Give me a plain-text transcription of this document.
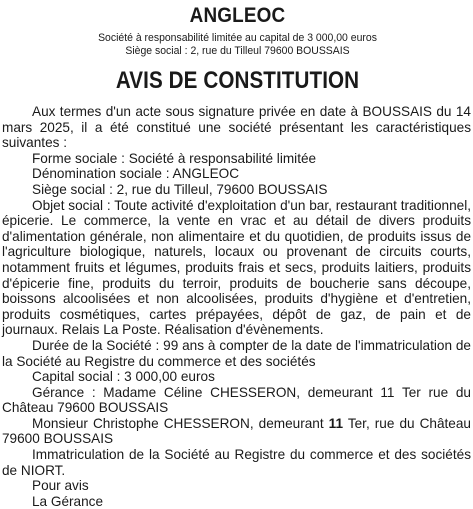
ANGLEOC
Société à responsabilité limitée au capital de 3 000,00 euros
Siège social : 2, rue du Tilleul 79600 BOUSSAIS
AVIS DE CONSTITUTION

Aux termes d'un acte sous signature privée en date à BOUSSAIS du 14 mars 2025, il a été constitué une société présentant les caractéristiques suivantes :

Forme sociale : Société à responsabilité limitée

Dénomination sociale : ANGLEOC

Siège social : 2, rue du Tilleul, 79600 BOUSSAIS

Objet social : Toute activité d'exploitation d'un bar, restaurant traditionnel, épicerie. Le commerce, la vente en vrac et au détail de divers produits d'alimentation générale, non alimentaire et du quotidien, de produits issus de l'agriculture biologique, naturels, locaux ou provenant de circuits courts, notamment fruits et légumes, produits frais et secs, produits laitiers, produits d'épicerie fine, produits du terroir, produits de boucherie sans découpe, boissons alcoolisées et non alcoolisées, produits d'hygiène et d'entretien, produits cosmétiques, cartes prépayées, dépôt de gaz, de pain et de journaux. Relais La Poste. Réalisation d'évènements.

Durée de la Société : 99 ans à compter de la date de l'immatriculation de la Société au Registre du commerce et des sociétés

Capital social : 3 000,00 euros

Gérance : Madame Céline CHESSERON, demeurant 11 Ter rue du Château 79600 BOUSSAIS

Monsieur Christophe CHESSERON, demeurant 11 Ter, rue du Château 79600 BOUSSAIS

Immatriculation de la Société au Registre du commerce et des sociétés de NIORT.

Pour avis

La Gérance
